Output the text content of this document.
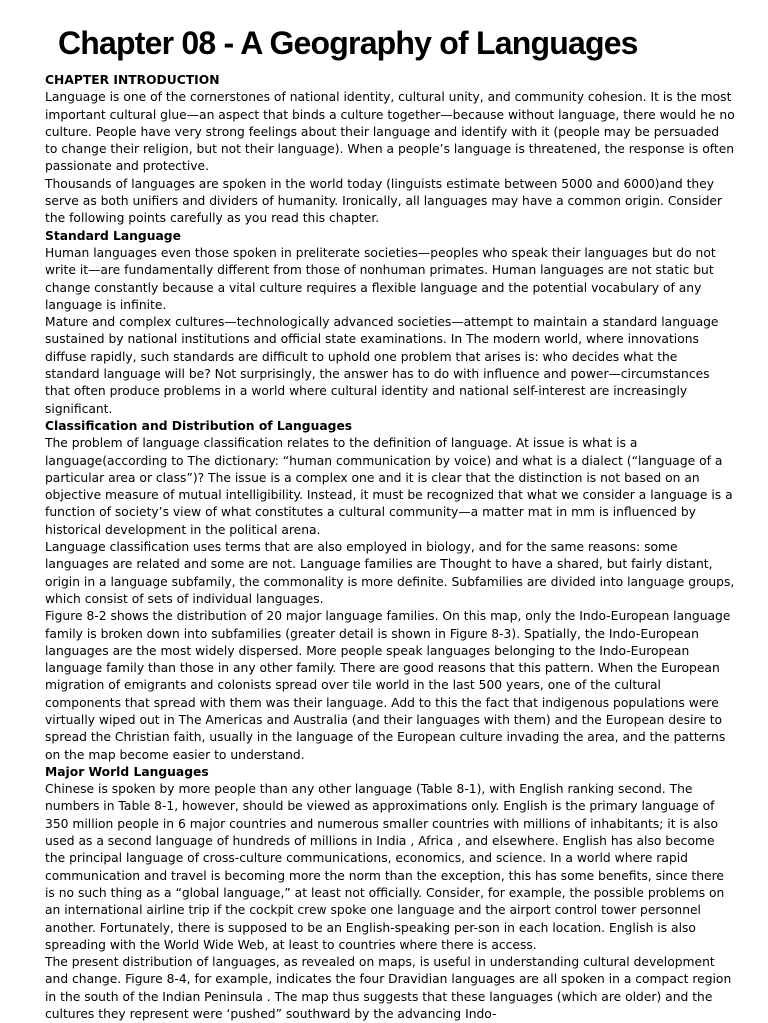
Chapter 08 - A Geography of Languages
CHAPTER INTRODUCTION

Language is one of the cornerstones of national identity, cultural unity, and community cohesion. It is the most important cultural glue—an aspect that binds a culture together—because without language, there would he no culture. People have very strong feelings about their language and identify with it (people may be persuaded to change their religion, but not their language). When a people’s language is threatened, the response is often passionate and protective.

Thousands of languages are spoken in the world today (linguists estimate between 5000 and 6000)and they serve as both unifiers and dividers of humanity. Ironically, all languages may have a common origin. Consider the following points carefully as you read this chapter.

Standard Language

Human languages even those spoken in preliterate societies—peoples who speak their languages but do not write it—are fundamentally different from those of nonhuman primates. Human languages are not static but change constantly because a vital culture requires a flexible language and the potential vocabulary of any language is infinite.

Mature and complex cultures—technologically advanced societies—attempt to maintain a standard language sustained by national institutions and official state examinations. In The modern world, where innovations diffuse rapidly, such standards are difficult to uphold one problem that arises is: who decides what the standard language will be? Not surprisingly, the answer has to do with influence and power—circumstances that often produce problems in a world where cultural identity and national self-interest are increasingly significant.

Classification and Distribution of Languages

The problem of language classification relates to the definition of language. At issue is what is a language(according to The dictionary: “human communication by voice) and what is a dialect (“language of a particular area or class”)? The issue is a complex one and it is clear that the distinction is not based on an objective measure of mutual intelligibility. Instead, it must be recognized that what we consider a language is a function of society’s view of what constitutes a cultural community—a matter mat in mm is influenced by historical development in the political arena.

Language classification uses terms that are also employed in biology, and for the same reasons: some languages are related and some are not. Language families are Thought to have a shared, but fairly distant, origin in a language subfamily, the commonality is more definite. Subfamilies are divided into language groups, which consist of sets of individual languages.

Figure 8-2 shows the distribution of 20 major language families. On this map, only the Indo-European language family is broken down into subfamilies (greater detail is shown in Figure 8-3). Spatially, the Indo-European languages are the most widely dispersed. More people speak languages belonging to the Indo-European language family than those in any other family. There are good reasons that this pattern. When the European migration of emigrants and colonists spread over tile world in the last 500 years, one of the cultural components that spread with them was their language. Add to this the fact that indigenous populations were virtually wiped out in The Americas and Australia (and their languages with them) and the European desire to spread the Christian faith, usually in the language of the European culture invading the area, and the patterns on the map become easier to understand.

Major World Languages

Chinese is spoken by more people than any other language (Table 8-1), with English ranking second. The numbers in Table 8-1, however, should be viewed as approximations only. English is the primary language of 350 million people in 6 major countries and numerous smaller countries with millions of inhabitants; it is also used as a second language of hundreds of millions in India , Africa , and elsewhere. English has also become the principal language of cross-culture communications, economics, and science. In a world where rapid communication and travel is becoming more the norm than the exception, this has some benefits, since there is no such thing as a “global language,” at least not officially. Consider, for example, the possible problems on an international airline trip if the cockpit crew spoke one language and the airport control tower personnel another. Fortunately, there is supposed to be an English-speaking per-son in each location. English is also spreading with the World Wide Web, at least to countries where there is access.

The present distribution of languages, as revealed on maps, is useful in understanding cultural development and change. Figure 8-4, for example, indicates the four Dravidian languages are all spoken in a compact region in the south of the Indian Peninsula . The map thus suggests that these languages (which are older) and the cultures they represent were ‘pushed” southward by the advancing Indo-
